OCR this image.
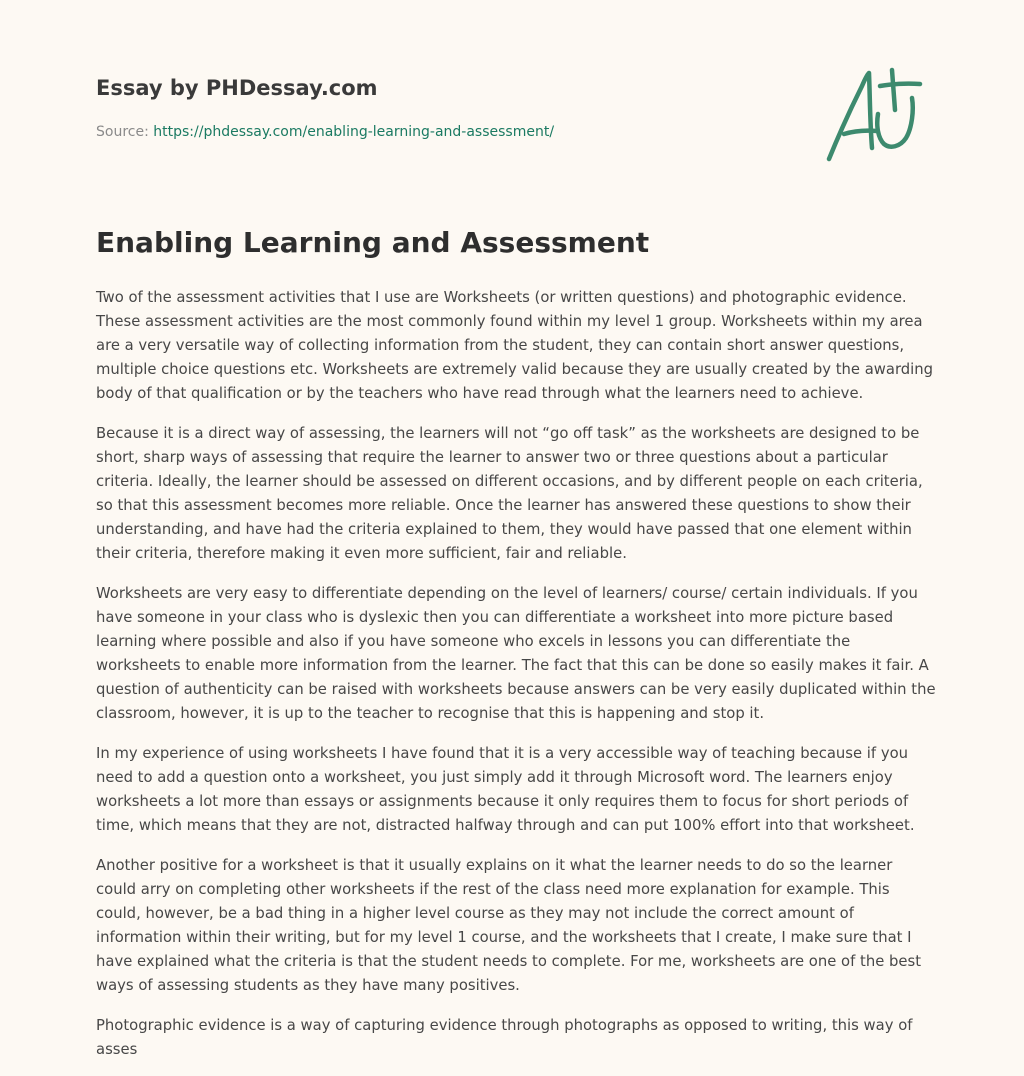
Essay by PHDessay.com
Source: https://phdessay.com/enabling-learning-and-assessment/
Enabling Learning and Assessment

Two of the assessment activities that I use are Worksheets (or written questions) and photographic evidence. These assessment activities are the most commonly found within my level 1 group. Worksheets within my area are a very versatile way of collecting information from the student, they can contain short answer questions, multiple choice questions etc. Worksheets are extremely valid because they are usually created by the awarding body of that qualification or by the teachers who have read through what the learners need to achieve.

Because it is a direct way of assessing, the learners will not “go off task” as the worksheets are designed to be short, sharp ways of assessing that require the learner to answer two or three questions about a particular criteria. Ideally, the learner should be assessed on different occasions, and by different people on each criteria, so that this assessment becomes more reliable. Once the learner has answered these questions to show their understanding, and have had the criteria explained to them, they would have passed that one element within their criteria, therefore making it even more sufficient, fair and reliable.

Worksheets are very easy to differentiate depending on the level of learners/ course/ certain individuals. If you have someone in your class who is dyslexic then you can differentiate a worksheet into more picture based learning where possible and also if you have someone who excels in lessons you can differentiate the worksheets to enable more information from the learner. The fact that this can be done so easily makes it fair. A question of authenticity can be raised with worksheets because answers can be very easily duplicated within the classroom, however, it is up to the teacher to recognise that this is happening and stop it.

In my experience of using worksheets I have found that it is a very accessible way of teaching because if you need to add a question onto a worksheet, you just simply add it through Microsoft word. The learners enjoy worksheets a lot more than essays or assignments because it only requires them to focus for short periods of time, which means that they are not, distracted halfway through and can put 100% effort into that worksheet.

Another positive for a worksheet is that it usually explains on it what the learner needs to do so the learner could arry on completing other worksheets if the rest of the class need more explanation for example. This could, however, be a bad thing in a higher level course as they may not include the correct amount of information within their writing, but for my level 1 course, and the worksheets that I create, I make sure that I have explained what the criteria is that the student needs to complete. For me, worksheets are one of the best ways of assessing students as they have many positives.

Photographic evidence is a way of capturing evidence through photographs as opposed to writing, this way of asses
